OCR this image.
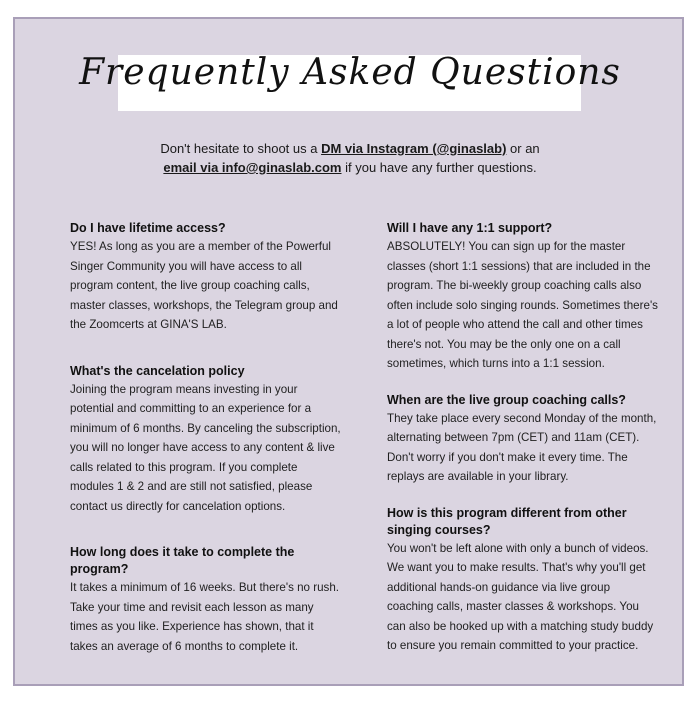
Frequently Asked Questions
Don't hesitate to shoot us a DM via Instagram (@ginaslab) or an
email via info@ginaslab.com if you have any further questions.
Do I have lifetime access?
YES! As long as you are a member of the Powerful Singer Community you will have access to all program content, the live group coaching calls, master classes, workshops, the Telegram group and the Zoomcerts at GINA'S LAB.
What's the cancelation policy
Joining the program means investing in your potential and committing to an experience for a minimum of 6 months. By canceling the subscription, you will no longer have access to any content & live calls related to this program. If you complete modules 1 & 2 and are still not satisfied, please contact us directly for cancelation options.
How long does it take to complete the program?
It takes a minimum of 16 weeks. But there's no rush. Take your time and revisit each lesson as many times as you like. Experience has shown, that it takes an average of 6 months to complete it.
Will I have any 1:1 support?
ABSOLUTELY! You can sign up for the master classes (short 1:1 sessions) that are included in the program. The bi-weekly group coaching calls also often include solo singing rounds. Sometimes there's a lot of people who attend the call and other times there's not. You may be the only one on a call sometimes, which turns into a 1:1 session.
When are the live group coaching calls?
They take place every second Monday of the month, alternating between 7pm (CET) and 11am (CET). Don't worry if you don't make it every time. The replays are available in your library.
How is this program different from other singing courses?
You won't be left alone with only a bunch of videos. We want you to make results. That's why you'll get additional hands-on guidance via live group coaching calls, master classes & workshops. You can also be hooked up with a matching study buddy to ensure you remain committed to your practice.
